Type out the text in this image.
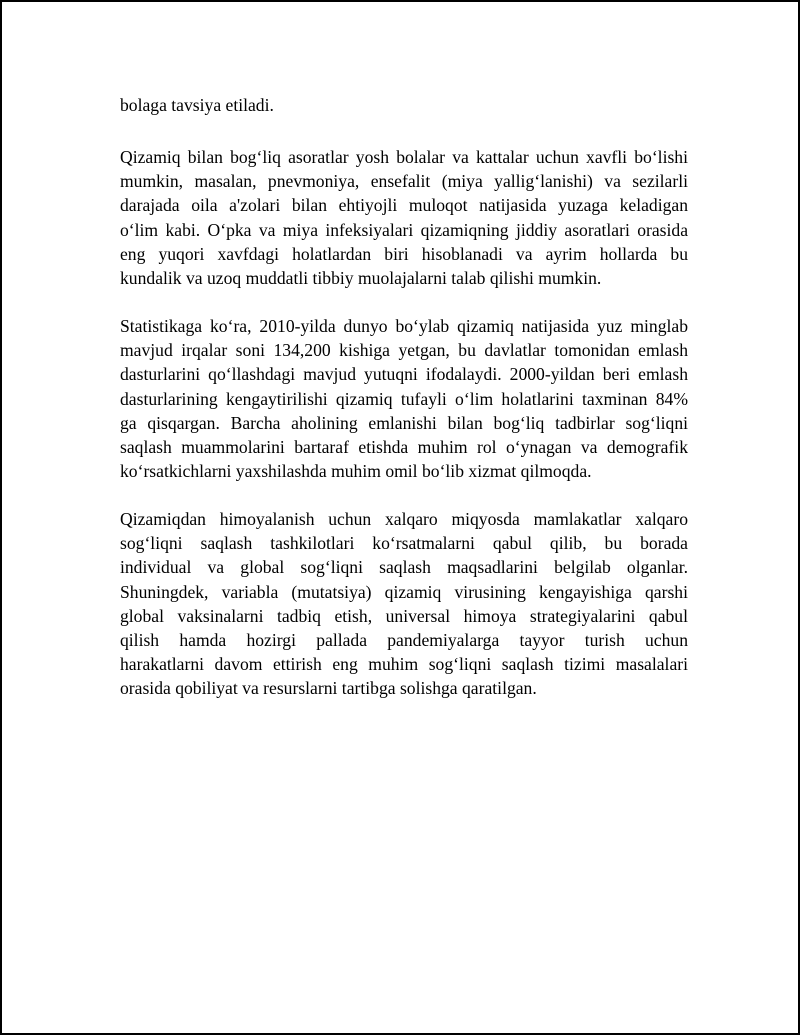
bolaga tavsiya etiladi.
Qizamiq bilan bog‘liq asoratlar yosh bolalar va kattalar uchun xavfli bo‘lishi
mumkin, masalan, pnevmoniya, ensefalit (miya yallig‘lanishi) va sezilarli
darajada oila a'zolari bilan ehtiyojli muloqot natijasida yuzaga keladigan
o‘lim kabi. O‘pka va miya infeksiyalari qizamiqning jiddiy asoratlari orasida
eng yuqori xavfdagi holatlardan biri hisoblanadi va ayrim hollarda bu
kundalik va uzoq muddatli tibbiy muolajalarni talab qilishi mumkin.
Statistikaga ko‘ra, 2010-yilda dunyo bo‘ylab qizamiq natijasida yuz minglab
mavjud irqalar soni 134,200 kishiga yetgan, bu davlatlar tomonidan emlash
dasturlarini qo‘llashdagi mavjud yutuqni ifodalaydi. 2000-yildan beri emlash
dasturlarining kengaytirilishi qizamiq tufayli o‘lim holatlarini taxminan 84%
ga qisqargan. Barcha aholining emlanishi bilan bog‘liq tadbirlar sog‘liqni
saqlash muammolarini bartaraf etishda muhim rol o‘ynagan va demografik
ko‘rsatkichlarni yaxshilashda muhim omil bo‘lib xizmat qilmoqda.
Qizamiqdan himoyalanish uchun xalqaro miqyosda mamlakatlar xalqaro
sog‘liqni saqlash tashkilotlari ko‘rsatmalarni qabul qilib, bu borada
individual va global sog‘liqni saqlash maqsadlarini belgilab olganlar.
Shuningdek, variabla (mutatsiya) qizamiq virusining kengayishiga qarshi
global vaksinalarni tadbiq etish, universal himoya strategiyalarini qabul
qilish hamda hozirgi pallada pandemiyalarga tayyor turish uchun
harakatlarni davom ettirish eng muhim sog‘liqni saqlash tizimi masalalari
orasida qobiliyat va resurslarni tartibga solishga qaratilgan.
